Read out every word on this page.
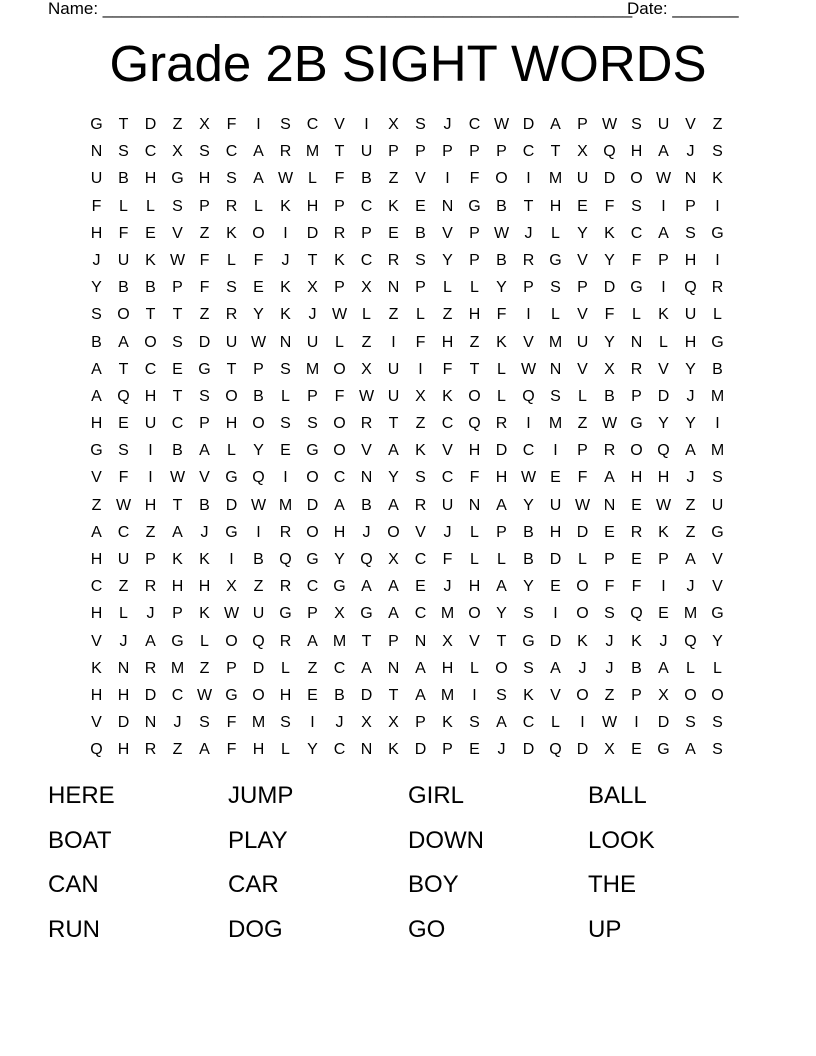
Name: ________________________________________________________
Date: _______
Grade 2B SIGHT WORDS
G T	D	Z	X	F	I	S C V	I	X	S	J	C W D A	P W S U V	Z
N S C X	S C A R M T	U P	P	P	P	P C	T	X Q H A	J	S
U B H G H S	A W L	F	B	Z	V	I	F O	I	M U D O W N K
F	L	L	S	P R	L	K H P C K	E N G B	T	H E	F	S	I	P	I
H	F	E	V	Z	K O	I	D R P	E	B	V	P W J	L	Y	K C A	S G
J	U K W F	L	F	J	T	K C R S	Y	P	B R G V	Y	F	P H	I
Y	B	B	P	F	S	E	K	X	P	X N P	L	L	Y	P	S	P D G	I	Q R
S O T	T	Z	R Y	K	J W L	Z	L	Z	H	F	I	L	V	F	L	K U	L
B	A O S D U W N U	L	Z	I	F	H	Z	K	V M U Y N	L	H G
A	T	C E G T	P	S M O X U	I	F	T	L W N V	X R V	Y	B
A Q H	T	S O B	L	P	F W U X	K O	L	Q S	L	B	P D	J	M
H E U C P H O S	S O R	T	Z	C Q R	I	M Z W G Y	Y	I
G S	I	B	A	L	Y	E G O V	A	K	V H D C	I	P R O Q A M
V	F	I	W V G Q	I	O C N Y	S C	F	H W E	F	A H H	J	S
Z W H	T	B D W M D A	B	A R U N A	Y U W N E W Z	U
A C	Z	A	J	G	I	R O H	J	O V	J	L	P	B H D E R K	Z G
H U P	K	K	I	B Q G Y Q X C	F	L	L	B D	L	P	E	P	A	V
C	Z	R H H X	Z	R C G A	A	E	J	H A	Y	E O F	F	I	J	V
H	L	J	P	K W U G P	X G A C M O Y	S	I	O S Q E M G
V	J	A G	L	O Q R A M T	P N X	V	T G D K	J	K	J	Q Y
K N R M Z	P D	L	Z	C A N A H	L	O S	A	J	J	B	A	L	L
H H D C W G O H E	B D	T	A M	I	S	K	V O Z	P	X O O
V D N	J	S	F M S	I	J	X	X	P	K	S	A C	L	I	W	I	D S	S
Q H R	Z	A	F	H	L	Y C N K D P	E	J	D Q D X	E G A	S
HERE	JUMP	GIRL	BALL
BOAT	PLAY	DOWN	LOOK
CAN	CAR	BOY	THE
RUN	DOG	GO	UP
